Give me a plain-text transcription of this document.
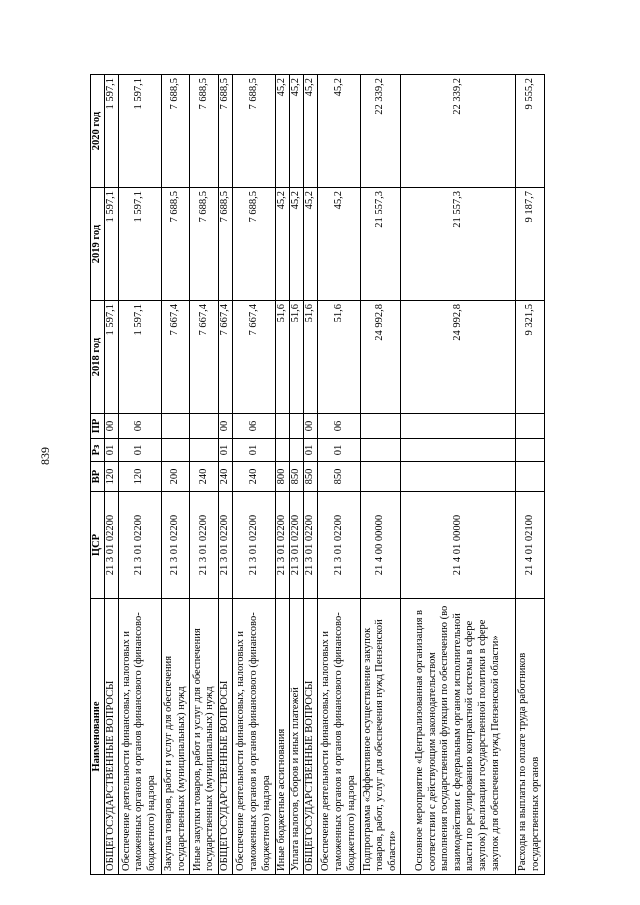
839
Наименование	ЦСР	ВР	Рз	ПР	2018 год	2019 год	2020 год
ОБЩЕГОСУДАРСТВЕННЫЕ ВОПРОСЫ	21 3 01 02200	120	01	00	1 597,1	1 597,1	1 597,1
Обеспечение деятельности финансовых, налоговых и таможенных органов и органов финансового (финансово-бюджетного) надзора	21 3 01 02200	120	01	06	1 597,1	1 597,1	1 597,1
Закупка товаров, работ и услуг для обеспечения государственных (муниципальных) нужд	21 3 01 02200	200			7 667,4	7 688,5	7 688,5
Иные закупки товаров, работ и услуг для обеспечения государственных (муниципальных) нужд	21 3 01 02200	240			7 667,4	7 688,5	7 688,5
ОБЩЕГОСУДАРСТВЕННЫЕ ВОПРОСЫ	21 3 01 02200	240	01	00	7 667,4	7 688,5	7 688,5
Обеспечение деятельности финансовых, налоговых и таможенных органов и органов финансового (финансово-бюджетного) надзора	21 3 01 02200	240	01	06	7 667,4	7 688,5	7 688,5
Иные бюджетные ассигнования	21 3 01 02200	800			51,6	45,2	45,2
Уплата налогов, сборов и иных платежей	21 3 01 02200	850			51,6	45,2	45,2
ОБЩЕГОСУДАРСТВЕННЫЕ ВОПРОСЫ	21 3 01 02200	850	01	00	51,6	45,2	45,2
Обеспечение деятельности финансовых, налоговых и таможенных органов и органов финансового (финансово-бюджетного) надзора	21 3 01 02200	850	01	06	51,6	45,2	45,2
Подпрограмма «Эффективное осуществление закупок товаров, работ, услуг для обеспечения нужд Пензенской области»	21 4 00 00000				24 992,8	21 557,3	22 339,2
Основное мероприятие «Централизованная организация в соответствии с действующим законодательством выполнения государственной функции по обеспечению (во взаимодействии с федеральным органом исполнительной власти по регулированию контрактной системы в сфере закупок) реализации государственной политики в сфере закупок для обеспечения нужд Пензенской области»	21 4 01 00000				24 992,8	21 557,3	22 339,2
Расходы на выплаты по оплате труда работников государственных органов	21 4 01 02100				9 321,5	9 187,7	9 555,2
